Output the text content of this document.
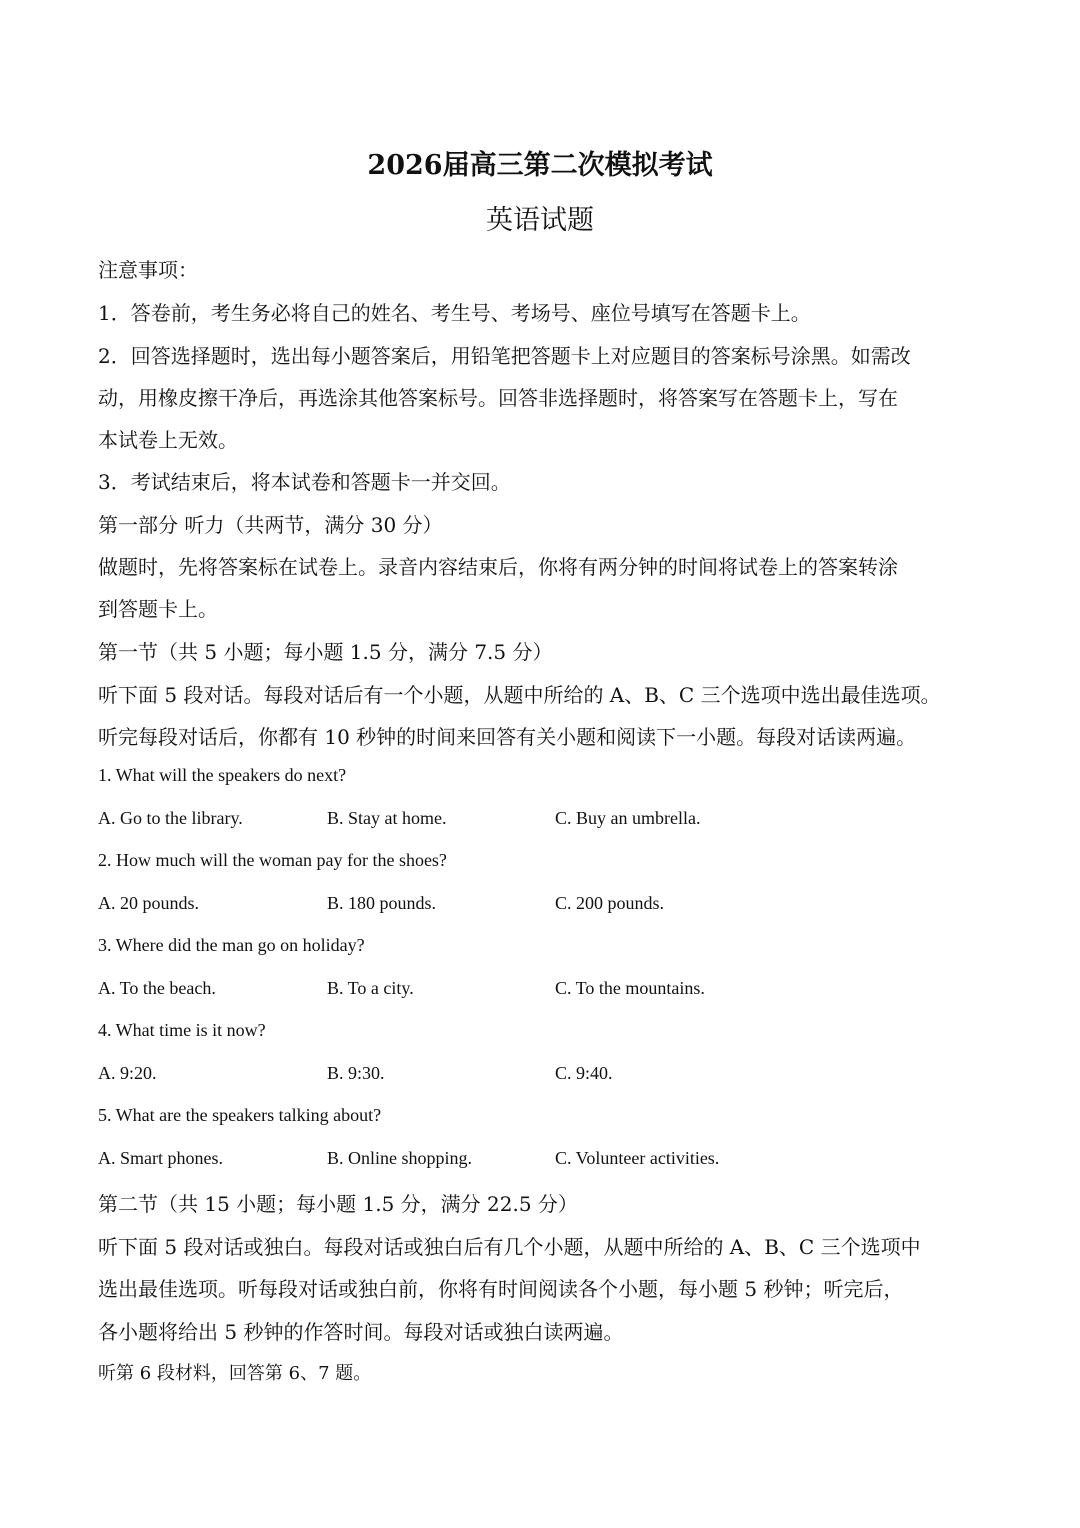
2026届高三第二次模拟考试
英语试题
注意事项：
1．答卷前，考生务必将自己的姓名、考生号、考场号、座位号填写在答题卡上。
2．回答选择题时，选出每小题答案后，用铅笔把答题卡上对应题目的答案标号涂黑。如需改
动，用橡皮擦干净后，再选涂其他答案标号。回答非选择题时，将答案写在答题卡上，写在
本试卷上无效。
3．考试结束后，将本试卷和答题卡一并交回。
第一部分 听力（共两节，满分 30 分）
做题时，先将答案标在试卷上。录音内容结束后，你将有两分钟的时间将试卷上的答案转涂
到答题卡上。
第一节（共 5 小题；每小题 1.5 分，满分 7.5 分）
听下面 5 段对话。每段对话后有一个小题，从题中所给的 A、B、C 三个选项中选出最佳选项。
听完每段对话后，你都有 10 秒钟的时间来回答有关小题和阅读下一小题。每段对话读两遍。
1. What will the speakers do next?
A. Go to the library.	B. Stay at home.	C. Buy an umbrella.
2. How much will the woman pay for the shoes?
A. 20 pounds.	B. 180 pounds.	C. 200 pounds.
3. Where did the man go on holiday?
A. To the beach.	B. To a city.	C. To the mountains.
4. What time is it now?
A. 9:20.	B. 9:30.	C. 9:40.
5. What are the speakers talking about?
A. Smart phones.	B. Online shopping.	C. Volunteer activities.
第二节（共 15 小题；每小题 1.5 分，满分 22.5 分）
听下面 5 段对话或独白。每段对话或独白后有几个小题，从题中所给的 A、B、C 三个选项中
选出最佳选项。听每段对话或独白前，你将有时间阅读各个小题，每小题 5 秒钟；听完后，
各小题将给出 5 秒钟的作答时间。每段对话或独白读两遍。
听第 6 段材料，回答第 6、7 题。
